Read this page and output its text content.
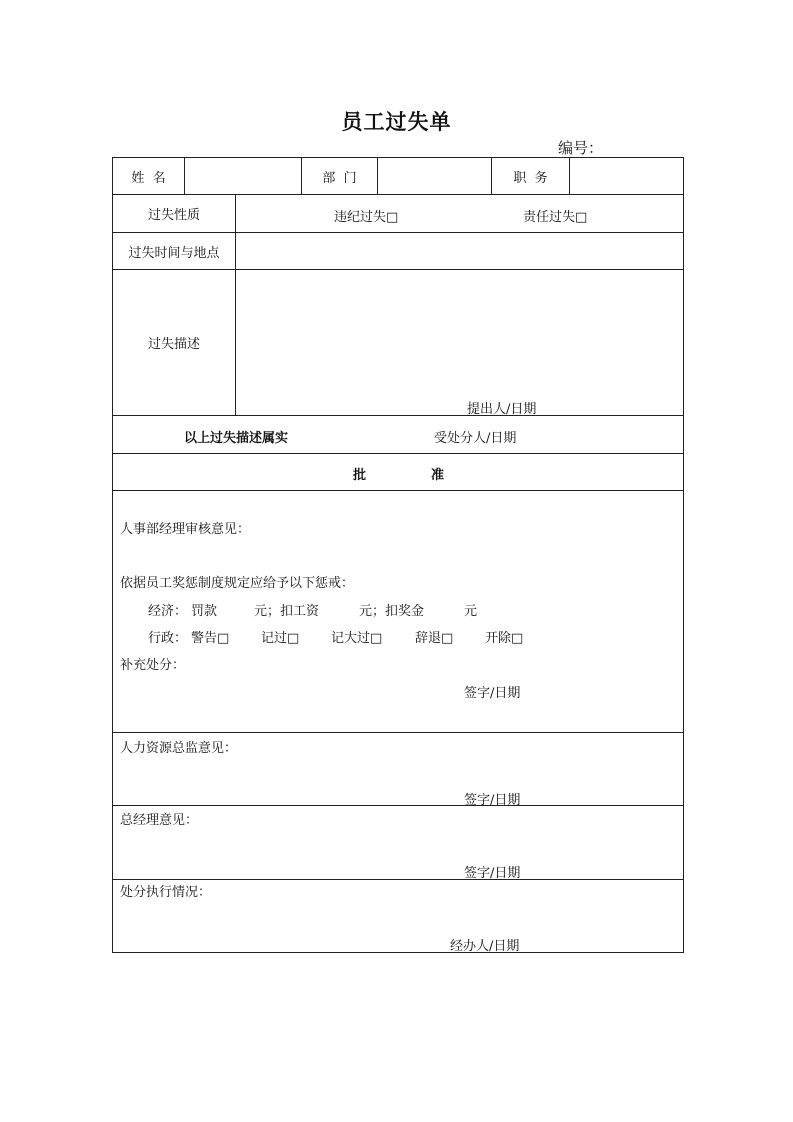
员工过失单
编号：
姓  名	部  门	职  务
过失性质	违纪过失□	责任过失□
过失时间与地点
过失描述
提出人/日期
以上过失描述属实	受处分人/日期
批	准
人事部经理审核意见：
依据员工奖惩制度规定应给予以下惩戒：
经济： 罚款	元；扣工资	元；扣奖金	元
行政： 警告□ 记过□ 记大过□	辞退□ 开除□
补充处分：
签字/日期
人力资源总监意见：
签字/日期
总经理意见：
签字/日期
处分执行情况：
经办人/日期
